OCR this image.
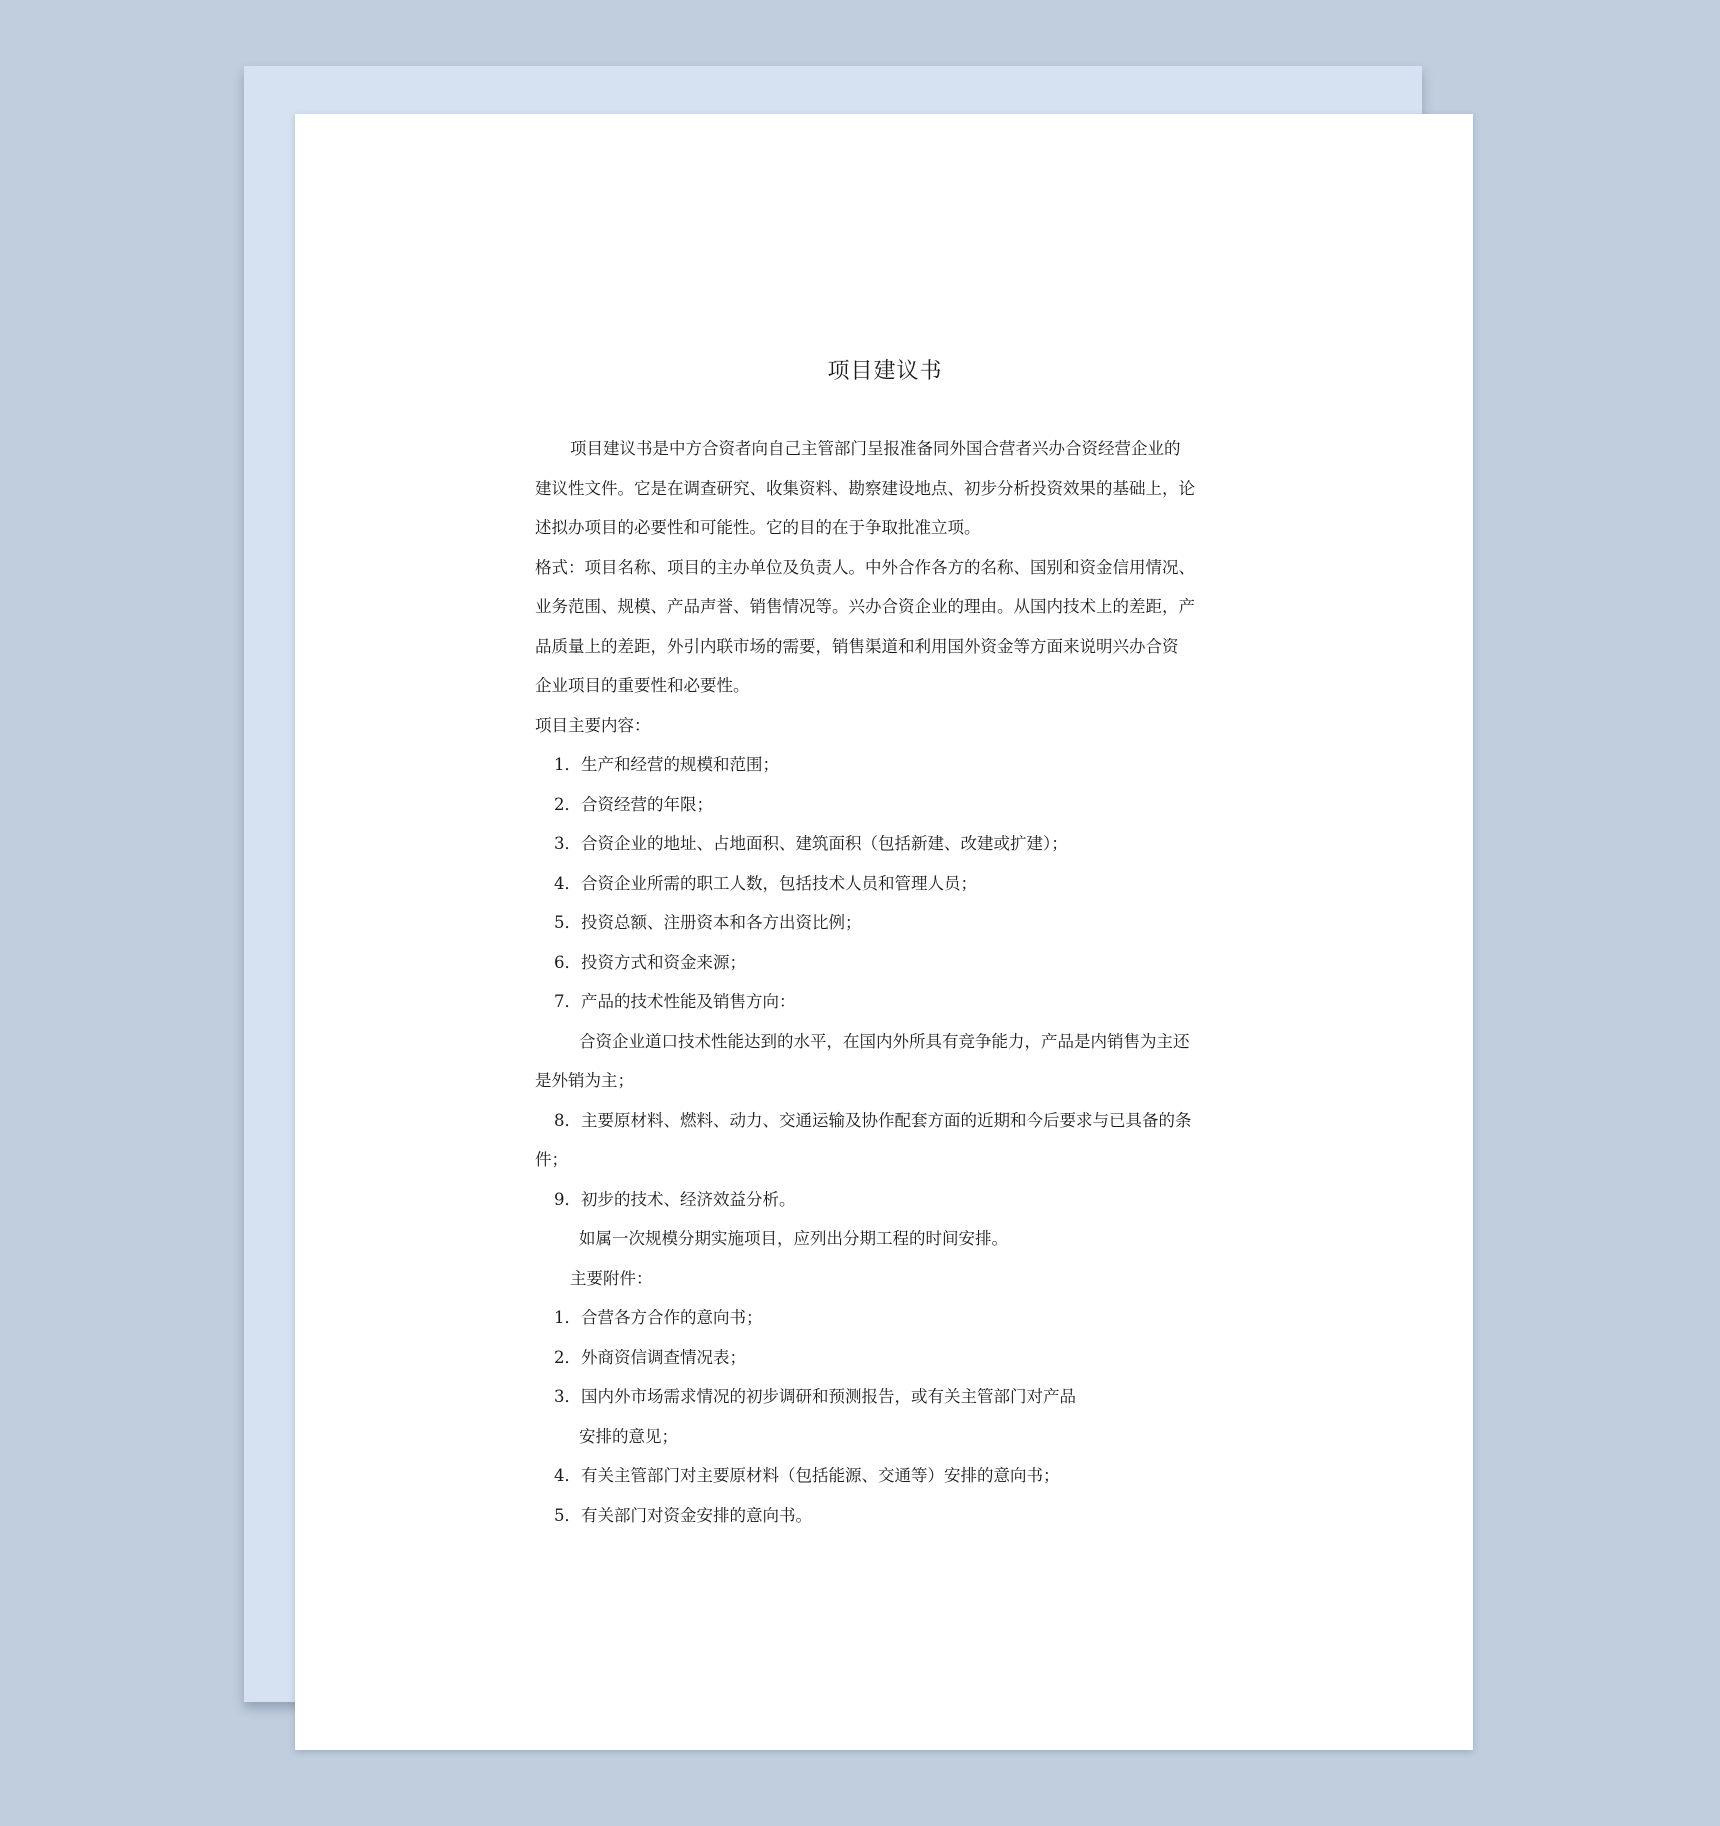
项目建议书
项目建议书是中方合资者向自己主管部门呈报准备同外国合营者兴办合资经营企业的
建议性文件。它是在调查研究、收集资料、勘察建设地点、初步分析投资效果的基础上，论
述拟办项目的必要性和可能性。它的目的在于争取批准立项。
格式：项目名称、项目的主办单位及负责人。中外合作各方的名称、国别和资金信用情况、
业务范围、规模、产品声誉、销售情况等。兴办合资企业的理由。从国内技术上的差距，产
品质量上的差距，外引内联市场的需要，销售渠道和利用国外资金等方面来说明兴办合资
企业项目的重要性和必要性。
项目主要内容：
1．生产和经营的规模和范围；
2．合资经营的年限；
3．合资企业的地址、占地面积、建筑面积（包括新建、改建或扩建）；
4．合资企业所需的职工人数，包括技术人员和管理人员；
5．投资总额、注册资本和各方出资比例；
6．投资方式和资金来源；
7．产品的技术性能及销售方向：
合资企业道口技术性能达到的水平，在国内外所具有竞争能力，产品是内销售为主还
是外销为主；
8．主要原材料、燃料、动力、交通运输及协作配套方面的近期和今后要求与已具备的条
件；
9．初步的技术、经济效益分析。
如属一次规模分期实施项目，应列出分期工程的时间安排。
主要附件：
1．合营各方合作的意向书；
2．外商资信调查情况表；
3．国内外市场需求情况的初步调研和预测报告，或有关主管部门对产品
安排的意见；
4．有关主管部门对主要原材料（包括能源、交通等）安排的意向书；
5．有关部门对资金安排的意向书。
